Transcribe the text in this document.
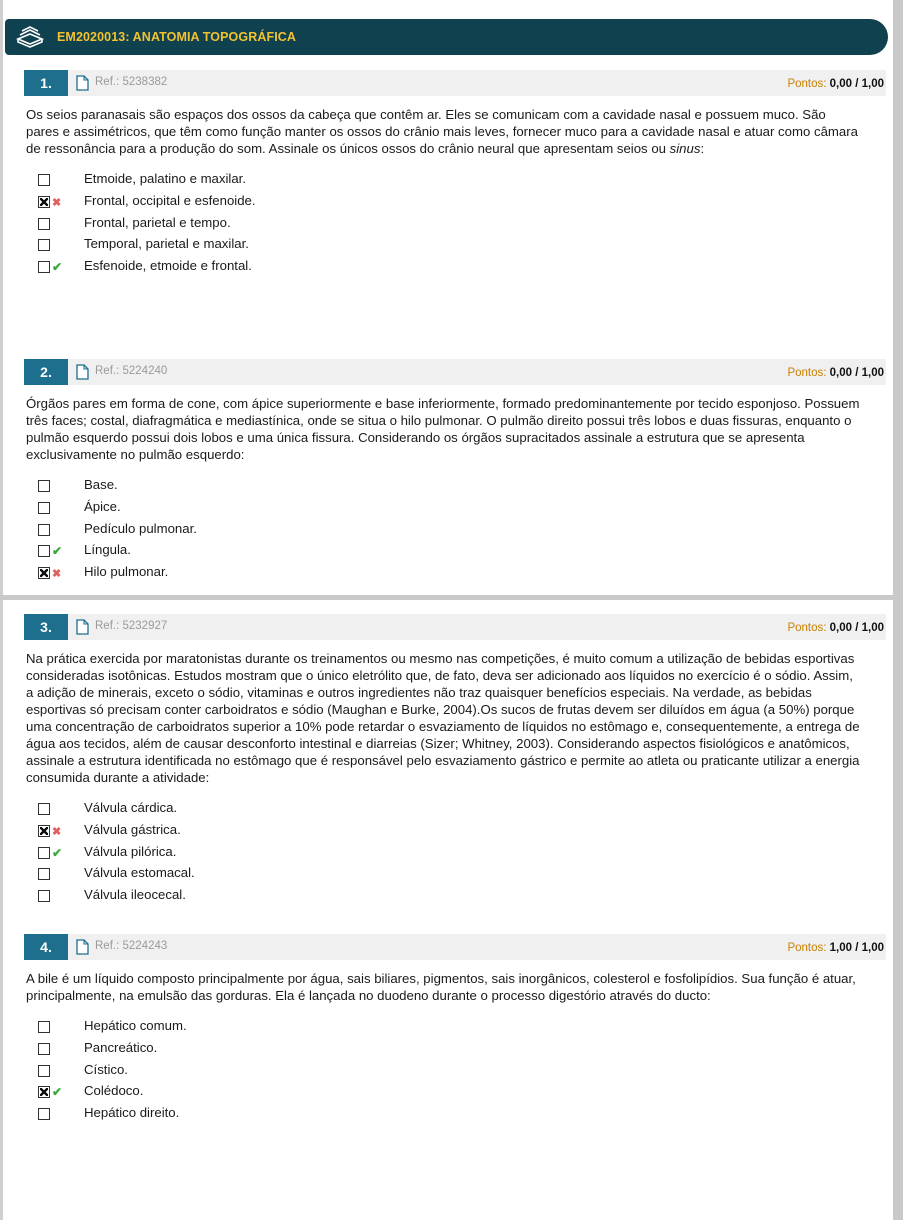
EM2020013: ANATOMIA TOPOGRÁFICA
1.	Ref.: 5238382	Pontos: 0,00 / 1,00
Os seios paranasais são espaços dos ossos da cabeça que contêm ar. Eles se comunicam com a cavidade nasal e possuem muco. São pares e assimétricos, que têm como função manter os ossos do crânio mais leves, fornecer muco para a cavidade nasal e atuar como câmara de ressonância para a produção do som. Assinale os únicos ossos do crânio neural que apresentam seios ou sinus:
Etmoide, palatino e maxilar.
✖ Frontal, occipital e esfenoide.
Frontal, parietal e tempo.
Temporal, parietal e maxilar.
✔ Esfenoide, etmoide e frontal.
2.	Ref.: 5224240	Pontos: 0,00 / 1,00
Órgãos pares em forma de cone, com ápice superiormente e base inferiormente, formado predominantemente por tecido esponjoso. Possuem três faces; costal, diafragmática e mediastínica, onde se situa o hilo pulmonar. O pulmão direito possui três lobos e duas fissuras, enquanto o pulmão esquerdo possui dois lobos e uma única fissura. Considerando os órgãos supracitados assinale a estrutura que se apresenta exclusivamente no pulmão esquerdo:
Base.
Ápice.
Pedículo pulmonar.
✔ Língula.
✖ Hilo pulmonar.
3.	Ref.: 5232927	Pontos: 0,00 / 1,00
Na prática exercida por maratonistas durante os treinamentos ou mesmo nas competições, é muito comum a utilização de bebidas esportivas consideradas isotônicas. Estudos mostram que o único eletrólito que, de fato, deva ser adicionado aos líquidos no exercício é o sódio. Assim, a adição de minerais, exceto o sódio, vitaminas e outros ingredientes não traz quaisquer benefícios especiais. Na verdade, as bebidas esportivas só precisam conter carboidratos e sódio (Maughan e Burke, 2004).Os sucos de frutas devem ser diluídos em água (a 50%) porque uma concentração de carboidratos superior a 10% pode retardar o esvaziamento de líquidos no estômago e, consequentemente, a entrega de água aos tecidos, além de causar desconforto intestinal e diarreias (Sizer; Whitney, 2003). Considerando aspectos fisiológicos e anatômicos, assinale a estrutura identificada no estômago que é responsável pelo esvaziamento gástrico e permite ao atleta ou praticante utilizar a energia consumida durante a atividade:
Válvula cárdica.
✖ Válvula gástrica.
✔ Válvula pilórica.
Válvula estomacal.
Válvula ileocecal.
4.	Ref.: 5224243	Pontos: 1,00 / 1,00
A bile é um líquido composto principalmente por água, sais biliares, pigmentos, sais inorgânicos, colesterol e fosfolipídios. Sua função é atuar, principalmente, na emulsão das gorduras. Ela é lançada no duodeno durante o processo digestório através do ducto:
Hepático comum.
Pancreático.
Cístico.
✔ Colédoco.
Hepático direito.
